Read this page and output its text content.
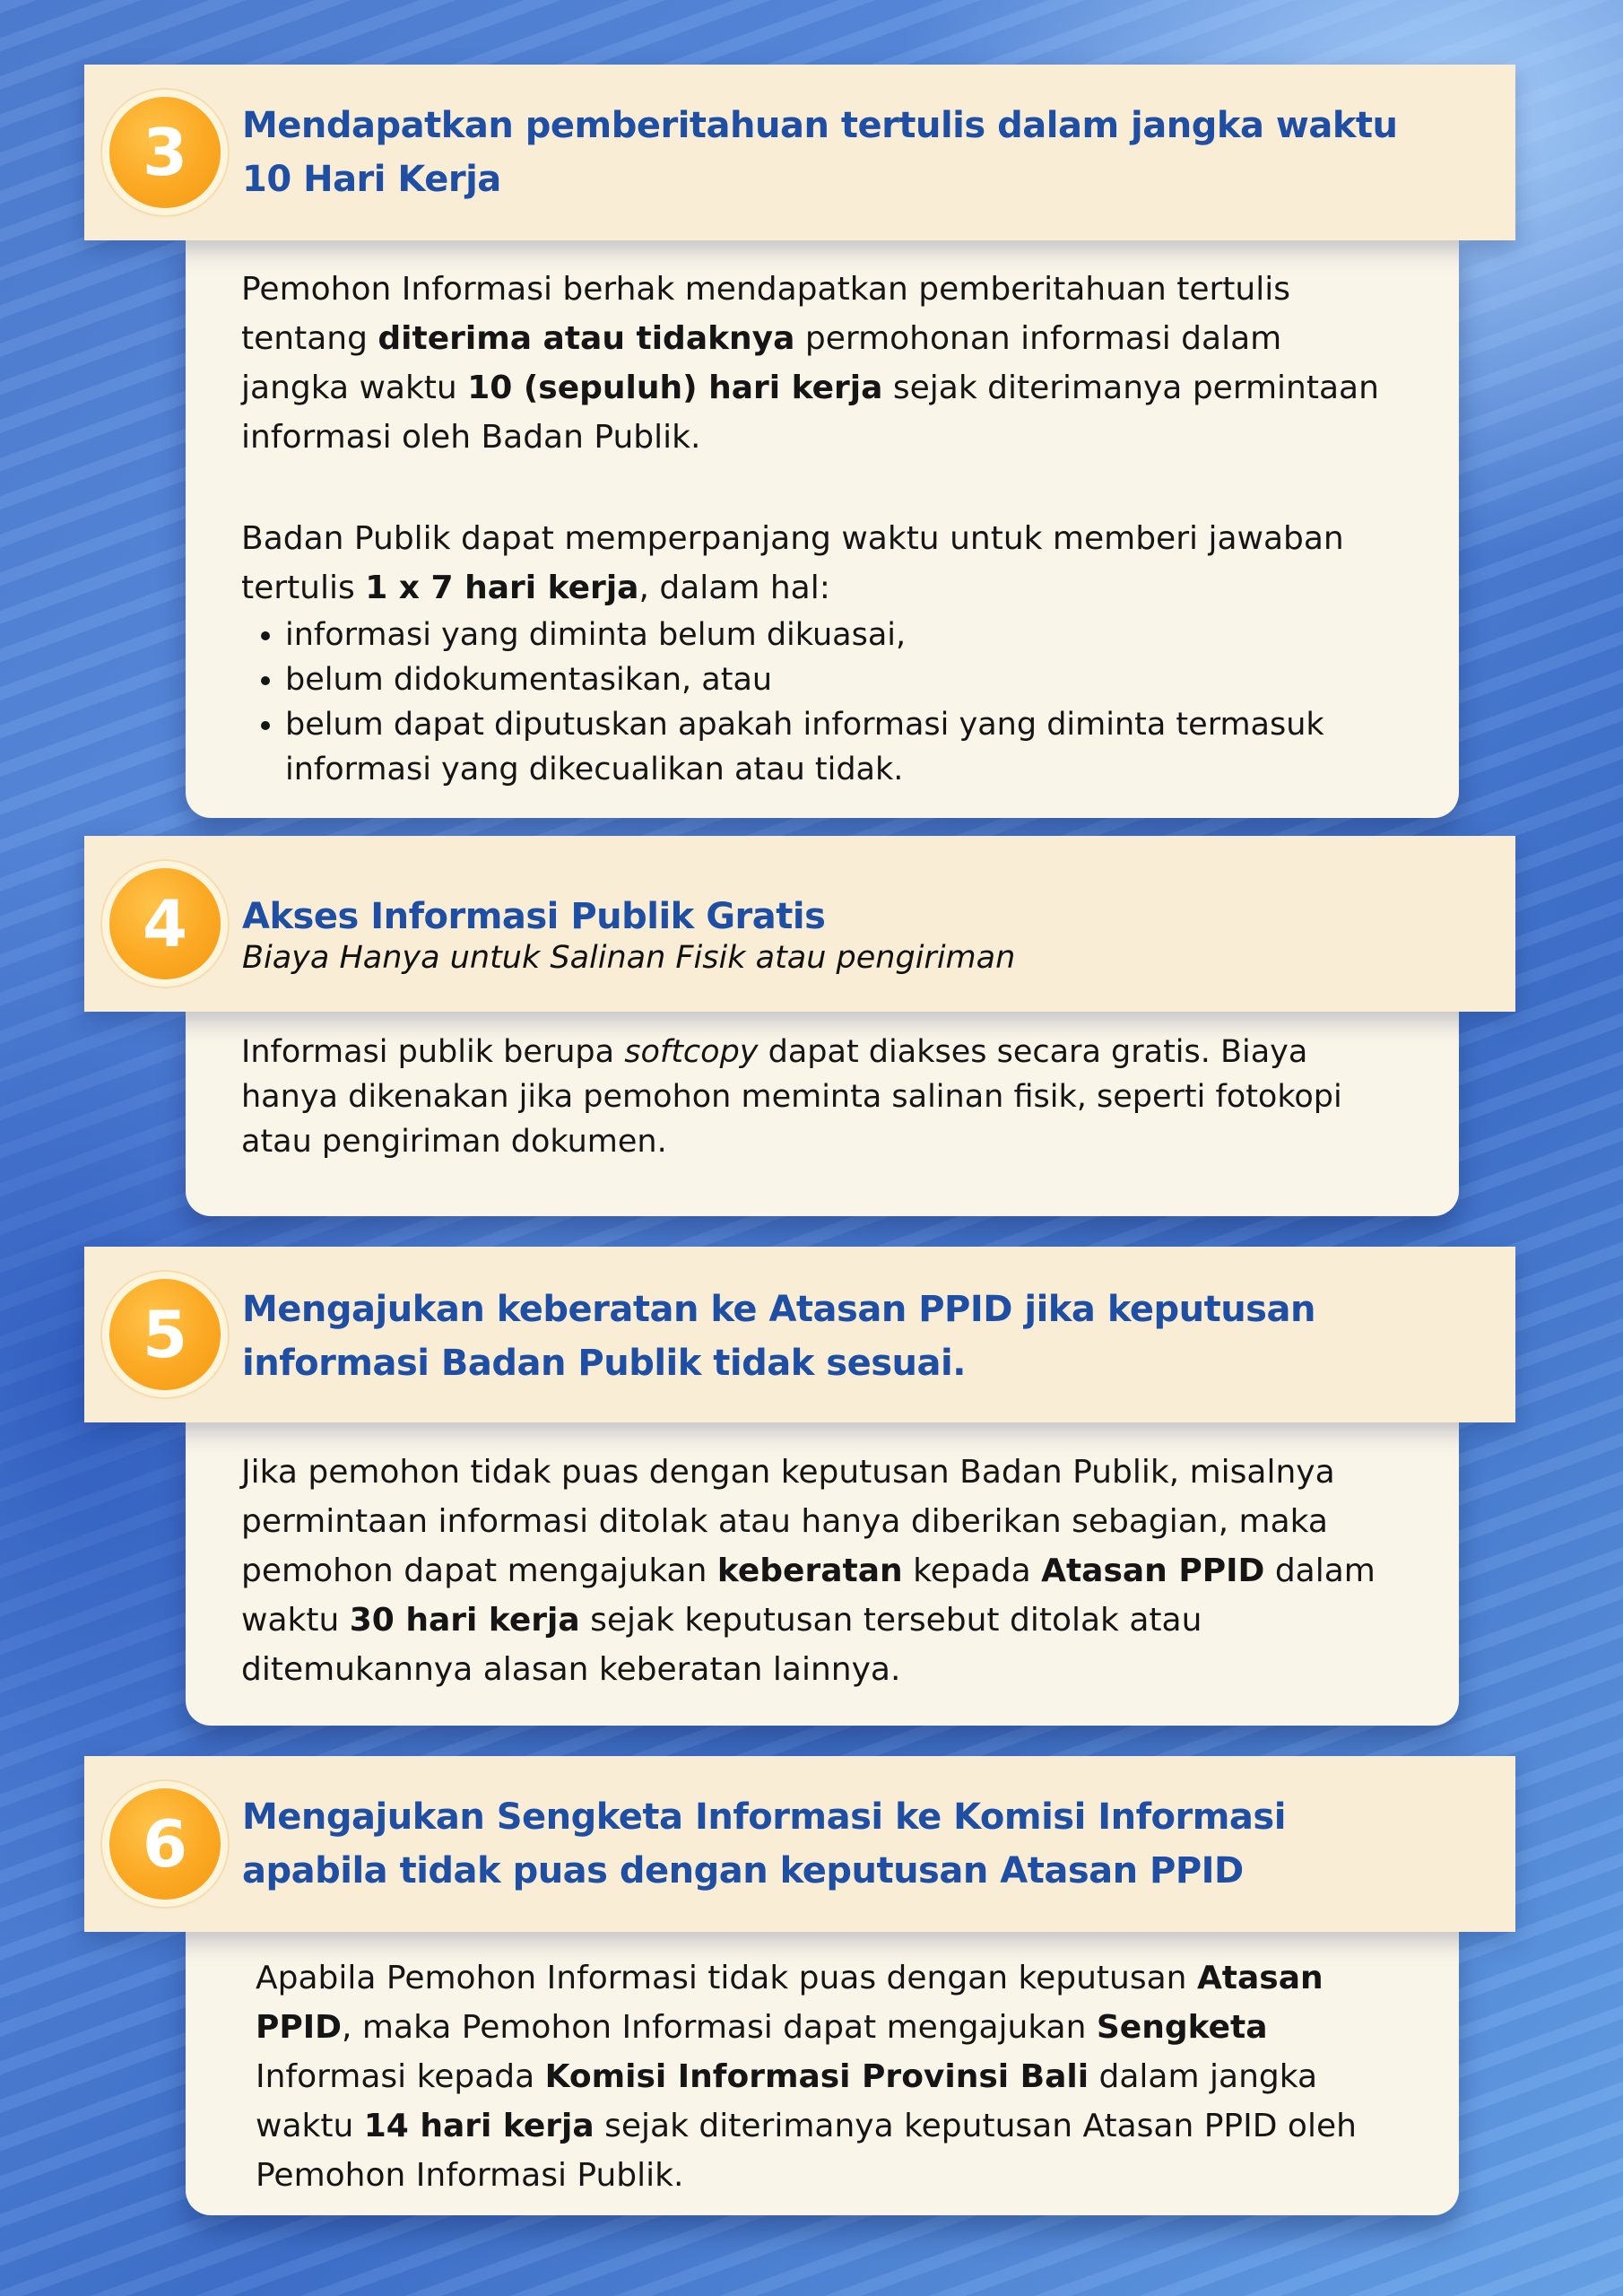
Pemohon Informasi berhak mendapatkan pemberitahuan tertulis tentang diterima atau tidaknya permohonan informasi dalam jangka waktu 10 (sepuluh) hari kerja sejak diterimanya permintaan informasi oleh Badan Publik.

Badan Publik dapat memperpanjang waktu untuk memberi jawaban tertulis 1 x 7 hari kerja, dalam hal:

• informasi yang diminta belum dikuasai,
• belum didokumentasikan, atau
• belum dapat diputuskan apakah informasi yang diminta termasuk informasi yang dikecualikan atau tidak.
3	Mendapatkan pemberitahuan tertulis dalam jangka waktu 10 Hari Kerja

Informasi publik berupa softcopy dapat diakses secara gratis. Biaya hanya dikenakan jika pemohon meminta salinan fisik, seperti fotokopi atau pengiriman dokumen.

4	Akses Informasi Publik Gratis
Biaya Hanya untuk Salinan Fisik atau pengiriman

Jika pemohon tidak puas dengan keputusan Badan Publik, misalnya permintaan informasi ditolak atau hanya diberikan sebagian, maka pemohon dapat mengajukan keberatan kepada Atasan PPID dalam waktu 30 hari kerja sejak keputusan tersebut ditolak atau ditemukannya alasan keberatan lainnya.

5	Mengajukan keberatan ke Atasan PPID jika keputusan informasi Badan Publik tidak sesuai.

Apabila Pemohon Informasi tidak puas dengan keputusan Atasan PPID, maka Pemohon Informasi dapat mengajukan Sengketa Informasi kepada Komisi Informasi Provinsi Bali dalam jangka waktu 14 hari kerja sejak diterimanya keputusan Atasan PPID oleh Pemohon Informasi Publik.

6	Mengajukan Sengketa Informasi ke Komisi Informasi apabila tidak puas dengan keputusan Atasan PPID
